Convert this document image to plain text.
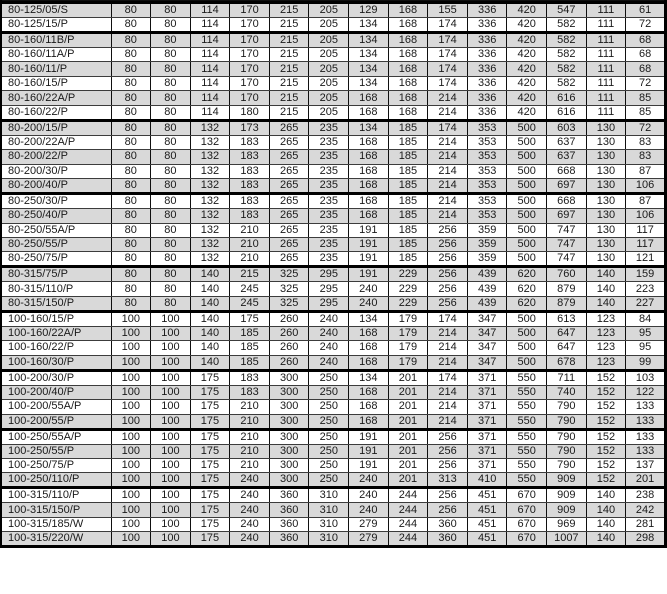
80-125/05/S	80	80	114	170	215	205	129	168	155	336	420	547	111	61
80-125/15/P	80	80	114	170	215	205	134	168	174	336	420	582	111	72
80-160/11B/P	80	80	114	170	215	205	134	168	174	336	420	582	111	68
80-160/11A/P	80	80	114	170	215	205	134	168	174	336	420	582	111	68
80-160/11/P	80	80	114	170	215	205	134	168	174	336	420	582	111	68
80-160/15/P	80	80	114	170	215	205	134	168	174	336	420	582	111	72
80-160/22A/P	80	80	114	170	215	205	168	168	214	336	420	616	111	85
80-160/22/P	80	80	114	180	215	205	168	168	214	336	420	616	111	85
80-200/15/P	80	80	132	173	265	235	134	185	174	353	500	603	130	72
80-200/22A/P	80	80	132	183	265	235	168	185	214	353	500	637	130	83
80-200/22/P	80	80	132	183	265	235	168	185	214	353	500	637	130	83
80-200/30/P	80	80	132	183	265	235	168	185	214	353	500	668	130	87
80-200/40/P	80	80	132	183	265	235	168	185	214	353	500	697	130	106
80-250/30/P	80	80	132	183	265	235	168	185	214	353	500	668	130	87
80-250/40/P	80	80	132	183	265	235	168	185	214	353	500	697	130	106
80-250/55A/P	80	80	132	210	265	235	191	185	256	359	500	747	130	117
80-250/55/P	80	80	132	210	265	235	191	185	256	359	500	747	130	117
80-250/75/P	80	80	132	210	265	235	191	185	256	359	500	747	130	121
80-315/75/P	80	80	140	215	325	295	191	229	256	439	620	760	140	159
80-315/110/P	80	80	140	245	325	295	240	229	256	439	620	879	140	223
80-315/150/P	80	80	140	245	325	295	240	229	256	439	620	879	140	227
100-160/15/P	100	100	140	175	260	240	134	179	174	347	500	613	123	84
100-160/22A/P	100	100	140	185	260	240	168	179	214	347	500	647	123	95
100-160/22/P	100	100	140	185	260	240	168	179	214	347	500	647	123	95
100-160/30/P	100	100	140	185	260	240	168	179	214	347	500	678	123	99
100-200/30/P	100	100	175	183	300	250	134	201	174	371	550	711	152	103
100-200/40/P	100	100	175	183	300	250	168	201	214	371	550	740	152	122
100-200/55A/P	100	100	175	210	300	250	168	201	214	371	550	790	152	133
100-200/55/P	100	100	175	210	300	250	168	201	214	371	550	790	152	133
100-250/55A/P	100	100	175	210	300	250	191	201	256	371	550	790	152	133
100-250/55/P	100	100	175	210	300	250	191	201	256	371	550	790	152	133
100-250/75/P	100	100	175	210	300	250	191	201	256	371	550	790	152	137
100-250/110/P	100	100	175	240	300	250	240	201	313	410	550	909	152	201
100-315/110/P	100	100	175	240	360	310	240	244	256	451	670	909	140	238
100-315/150/P	100	100	175	240	360	310	240	244	256	451	670	909	140	242
100-315/185/W	100	100	175	240	360	310	279	244	360	451	670	969	140	281
100-315/220/W	100	100	175	240	360	310	279	244	360	451	670	1007	140	298
